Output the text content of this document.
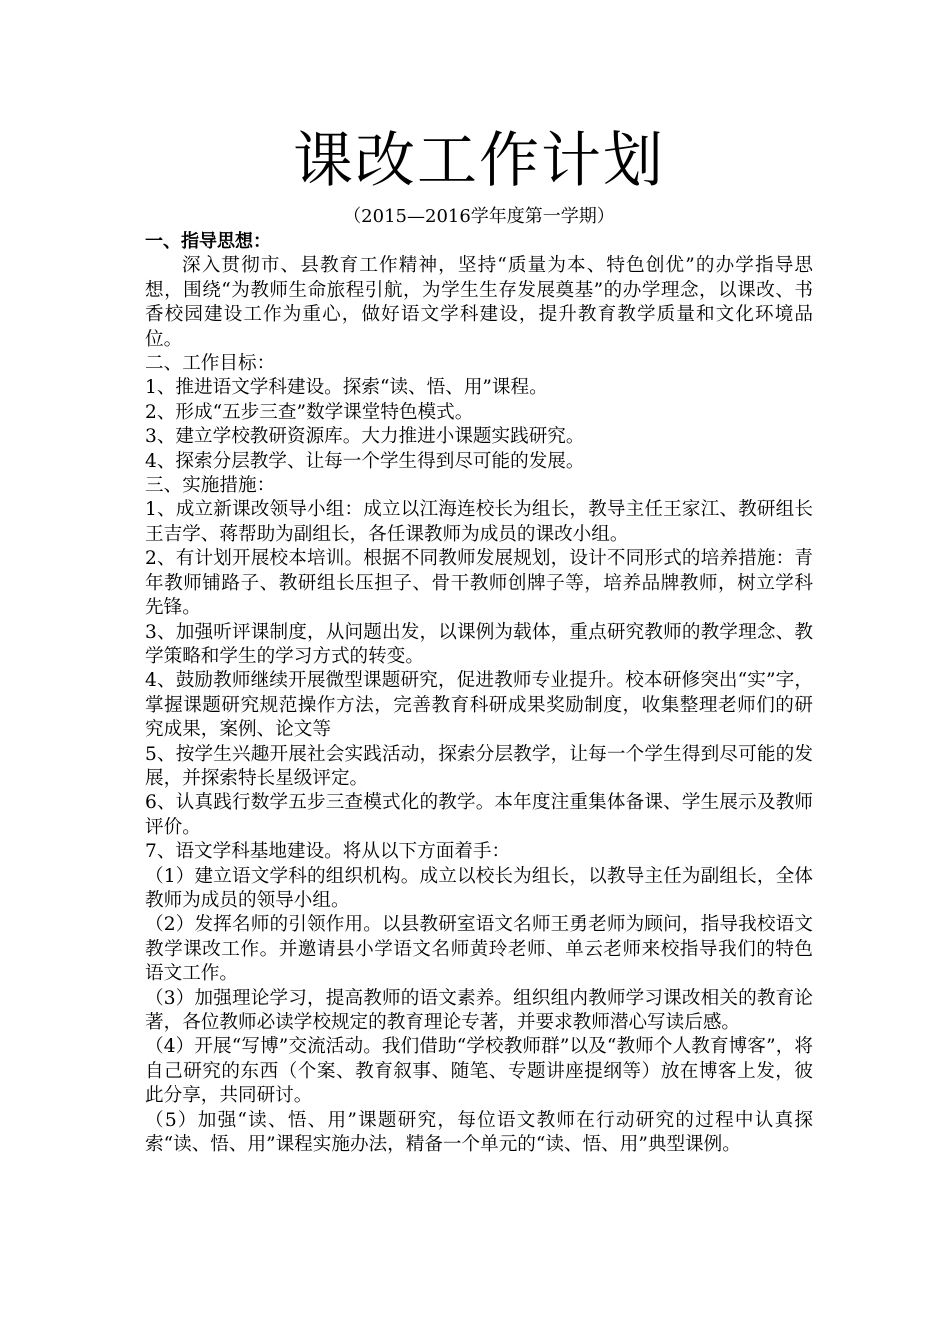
课改工作计划

（2015—2016学年度第一学期）

一、指导思想：

深入贯彻市、县教育工作精神，坚持“质量为本、特色创优”的办学指导思想，围绕“为教师生命旅程引航，为学生生存发展奠基”的办学理念，以课改、书香校园建设工作为重心，做好语文学科建设，提升教育教学质量和文化环境品位。

二、工作目标：

1、推进语文学科建设。探索“读、悟、用”课程。

2、形成“五步三查”数学课堂特色模式。

3、建立学校教研资源库。大力推进小课题实践研究。

4、探索分层教学、让每一个学生得到尽可能的发展。

三、实施措施：

1、成立新课改领导小组：成立以江海连校长为组长，教导主任王家江、教研组长王吉学、蒋帮助为副组长，各任课教师为成员的课改小组。

2、有计划开展校本培训。根据不同教师发展规划，设计不同形式的培养措施：青年教师铺路子、教研组长压担子、骨干教师创牌子等，培养品牌教师，树立学科先锋。

3、加强听评课制度，从问题出发，以课例为载体，重点研究教师的教学理念、教学策略和学生的学习方式的转变。

4、鼓励教师继续开展微型课题研究，促进教师专业提升。校本研修突出“实”字，掌握课题研究规范操作方法，完善教育科研成果奖励制度，收集整理老师们的研究成果，案例、论文等

5、按学生兴趣开展社会实践活动，探索分层教学，让每一个学生得到尽可能的发展，并探索特长星级评定。

6、认真践行数学五步三查模式化的教学。本年度注重集体备课、学生展示及教师评价。

7、语文学科基地建设。将从以下方面着手：

（1）建立语文学科的组织机构。成立以校长为组长，以教导主任为副组长，全体教师为成员的领导小组。

（2）发挥名师的引领作用。以县教研室语文名师王勇老师为顾问，指导我校语文教学课改工作。并邀请县小学语文名师黄玲老师、单云老师来校指导我们的特色语文工作。

（3）加强理论学习，提高教师的语文素养。组织组内教师学习课改相关的教育论著，各位教师必读学校规定的教育理论专著，并要求教师潜心写读后感。

（4）开展“写博”交流活动。我们借助“学校教师群”以及“教师个人教育博客”，将自己研究的东西（个案、教育叙事、随笔、专题讲座提纲等）放在博客上发，彼此分享，共同研讨。

（5）加强“读、悟、用”课题研究，每位语文教师在行动研究的过程中认真探索“读、悟、用”课程实施办法，精备一个单元的“读、悟、用”典型课例。
